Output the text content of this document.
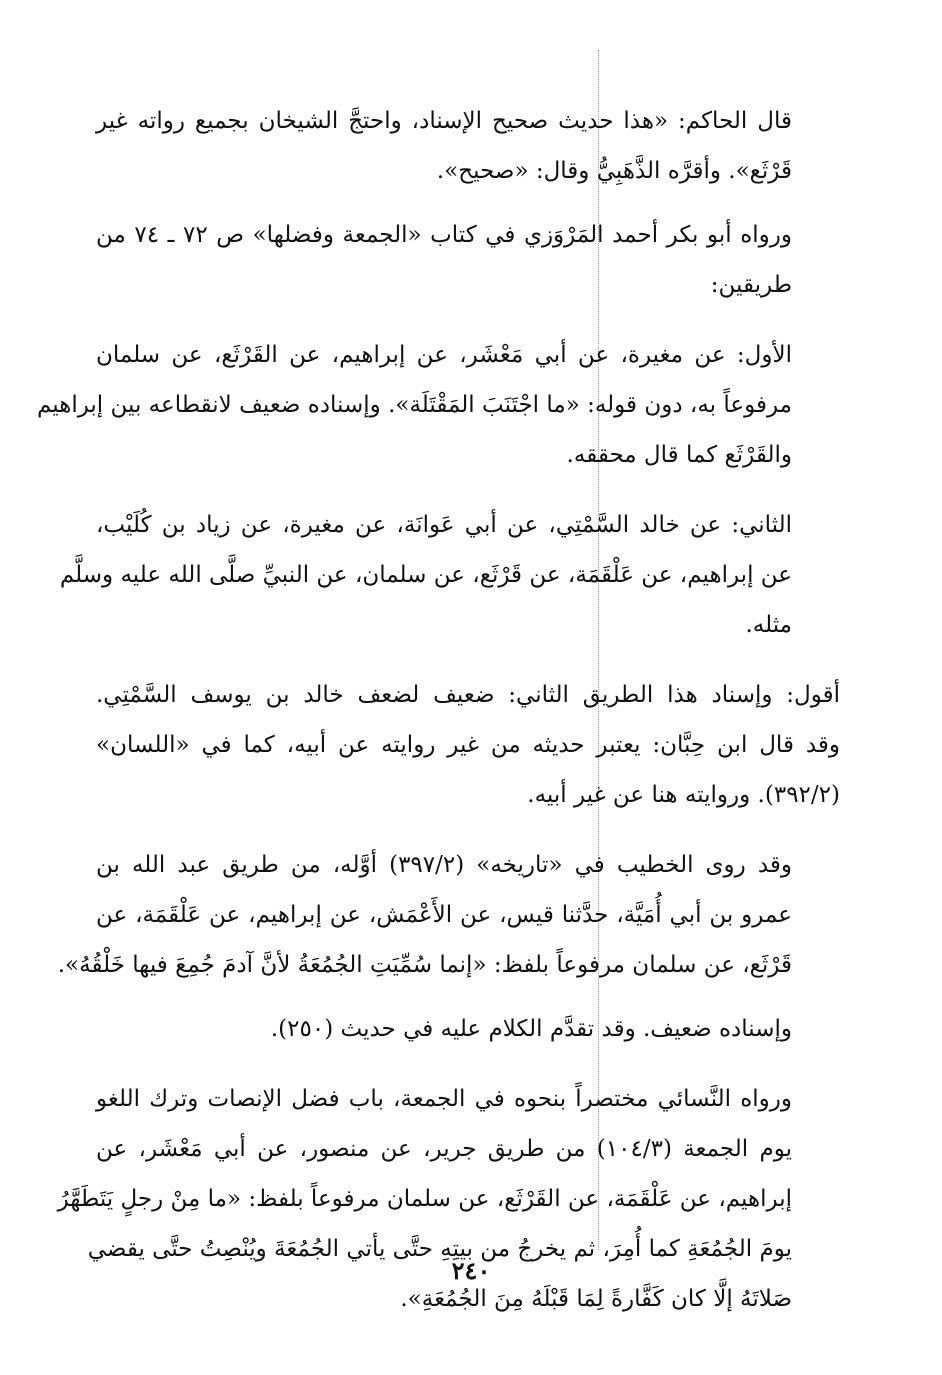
قال الحاكم: «هذا حديث صحيح الإسناد، واحتجَّ الشيخان بجميع رواته غير
قَرْثَع». وأقرَّه الذَّهَبِيُّ وقال: «صحيح».

ورواه أبو بكر أحمد المَرْوَزي في كتاب «الجمعة وفضلها» ص ٧٢ ـ ٧٤ من
طريقين:

الأول: عن مغيرة، عن أبي مَعْشَر، عن إبراهيم، عن القَرْثَع، عن سلمان
مرفوعاً به، دون قوله: «ما اجْتَنَبَ المَقْتَلَة». وإسناده ضعيف لانقطاعه بين إبراهيم
والقَرْثَع كما قال محققه.

الثاني: عن خالد السَّمْتِي، عن أبي عَوانَة، عن مغيرة، عن زياد بن كُلَيْب،
عن إبراهيم، عن عَلْقَمَة، عن قَرْثَع، عن سلمان، عن النبيِّ صلَّى الله عليه وسلَّم
مثله.

أقول: وإسناد هذا الطريق الثاني: ضعيف لضعف خالد بن يوسف السَّمْتِي.
وقد قال ابن حِبَّان: يعتبر حديثه من غير روايته عن أبيه، كما في «اللسان»
(٣٩٢/٢). وروايته هنا عن غير أبيه.

وقد روى الخطيب في «تاريخه» (٣٩٧/٢) أوَّله، من طريق عبد الله بن
عمرو بن أبي أُمَيَّة، حدَّثنا قيس، عن الأَعْمَش، عن إبراهيم، عن عَلْقَمَة، عن
قَرْثَع، عن سلمان مرفوعاً بلفظ: «إنما سُمِّيَتِ الجُمُعَةُ لأنَّ آدمَ جُمِعَ فيها خَلْقُهُ».

وإسناده ضعيف. وقد تقدَّم الكلام عليه في حديث (٢٥٠).

ورواه النَّسائي مختصراً بنحوه في الجمعة، باب فضل الإنصات وترك اللغو
يوم الجمعة (١٠٤/٣) من طريق جرير، عن منصور، عن أبي مَعْشَر، عن
إبراهيم، عن عَلْقَمَة، عن القَرْثَع، عن سلمان مرفوعاً بلفظ: «ما مِنْ رجلٍ يَتَطَهَّرُ
يومَ الجُمُعَةِ كما أُمِرَ، ثم يخرجُ من بيتِهِ حتَّى يأتي الجُمُعَةَ ويُنْصِتُ حتَّى يقضي
صَلاتَهُ إلَّا كان كَفَّارةً لِمَا قَبْلَهُ مِنَ الجُمُعَةِ».

٢٤٠
